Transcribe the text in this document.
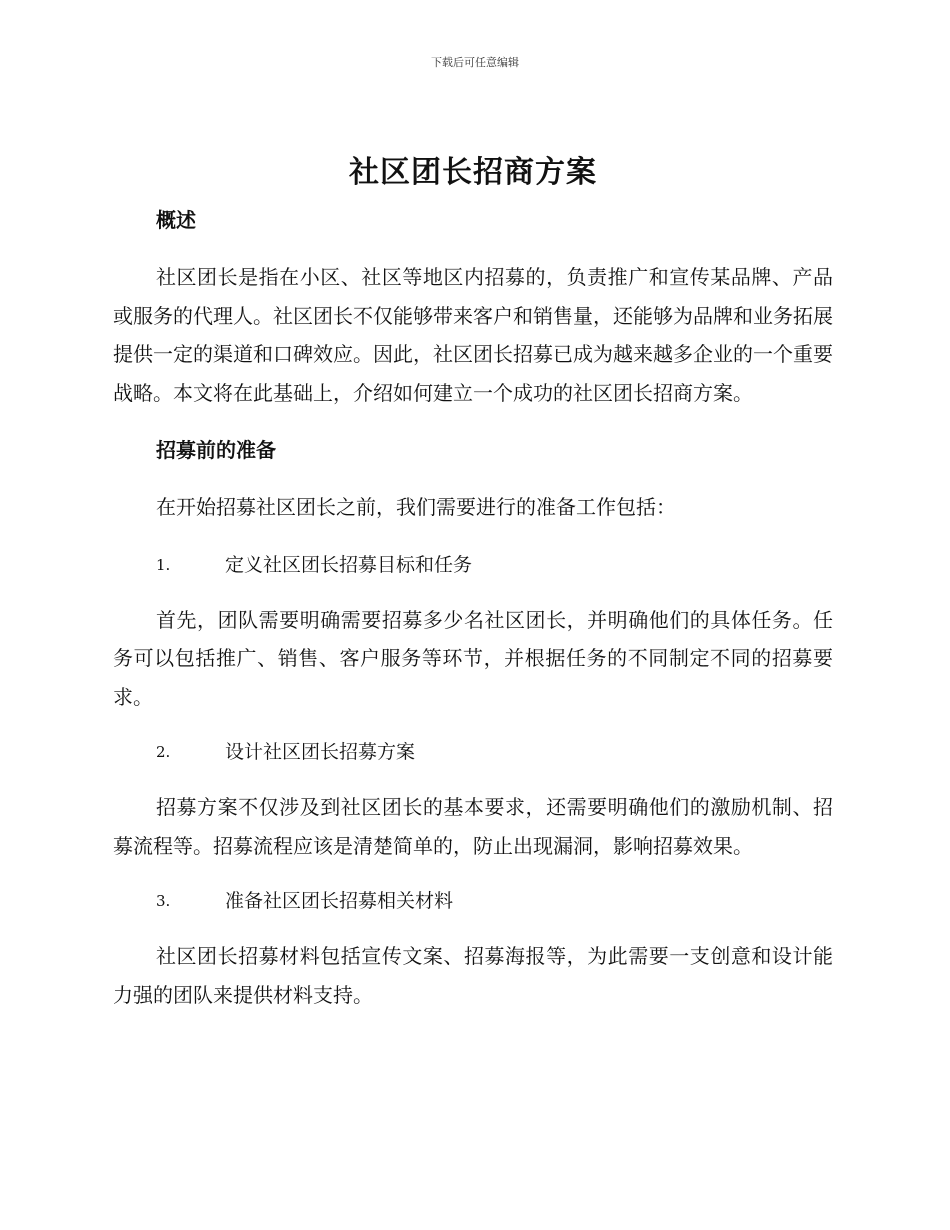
下载后可任意编辑
社区团长招商方案
概述

社区团长是指在小区、社区等地区内招募的，负责推广和宣传某品牌、产品或服务的代理人。社区团长不仅能够带来客户和销售量，还能够为品牌和业务拓展提供一定的渠道和口碑效应。因此，社区团长招募已成为越来越多企业的一个重要战略。本文将在此基础上，介绍如何建立一个成功的社区团长招商方案。

招募前的准备

在开始招募社区团长之前，我们需要进行的准备工作包括：

1.	定义社区团长招募目标和任务

首先，团队需要明确需要招募多少名社区团长，并明确他们的具体任务。任务可以包括推广、销售、客户服务等环节，并根据任务的不同制定不同的招募要求。

2.	设计社区团长招募方案

招募方案不仅涉及到社区团长的基本要求，还需要明确他们的激励机制、招募流程等。招募流程应该是清楚简单的，防止出现漏洞，影响招募效果。

3.	准备社区团长招募相关材料

社区团长招募材料包括宣传文案、招募海报等，为此需要一支创意和设计能力强的团队来提供材料支持。
